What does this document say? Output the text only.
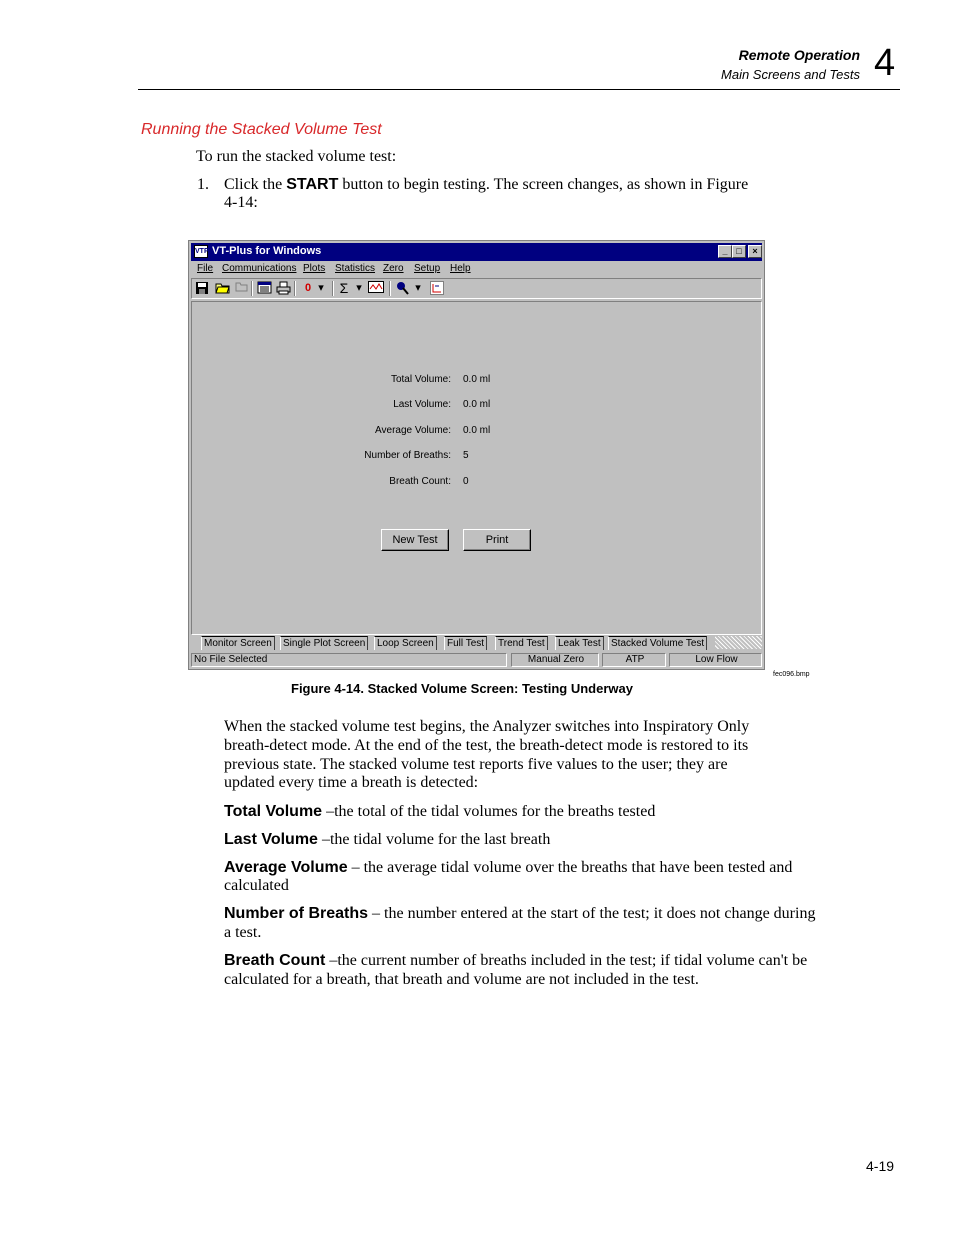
Remote Operation
Main Screens and Tests 4
Running the Stacked Volume Test
To run the stacked volume test:
1. Click the START button to begin testing. The screen changes, as shown in Figure
4-14:
VTP VT-Plus for Windows	_ □	×
File Communications Plots Statistics Zero Setup Help
0 ▾ Σ ▾	▾
Total Volume: 0.0 ml
Last Volume: 0.0 ml
Average Volume: 0.0 ml
Number of Breaths: 5
Breath Count: 0
New Test	Print
Monitor Screen	Single Plot Screen	Loop Screen	Full Test	Trend Test	Leak Test	Stacked Volume Test
No File Selected	Manual Zero	ATP	Low Flow
fec096.bmp
Figure 4-14. Stacked Volume Screen: Testing Underway
When the stacked volume test begins, the Analyzer switches into Inspiratory Only
breath-detect mode. At the end of the test, the breath-detect mode is restored to its
previous state. The stacked volume test reports five values to the user; they are
updated every time a breath is detected:
Total Volume –the total of the tidal volumes for the breaths tested
Last Volume –the tidal volume for the last breath
Average Volume – the average tidal volume over the breaths that have been tested and
calculated
Number of Breaths – the number entered at the start of the test; it does not change during
a test.
Breath Count –the current number of breaths included in the test; if tidal volume can't be
calculated for a breath, that breath and volume are not included in the test.
4-19
